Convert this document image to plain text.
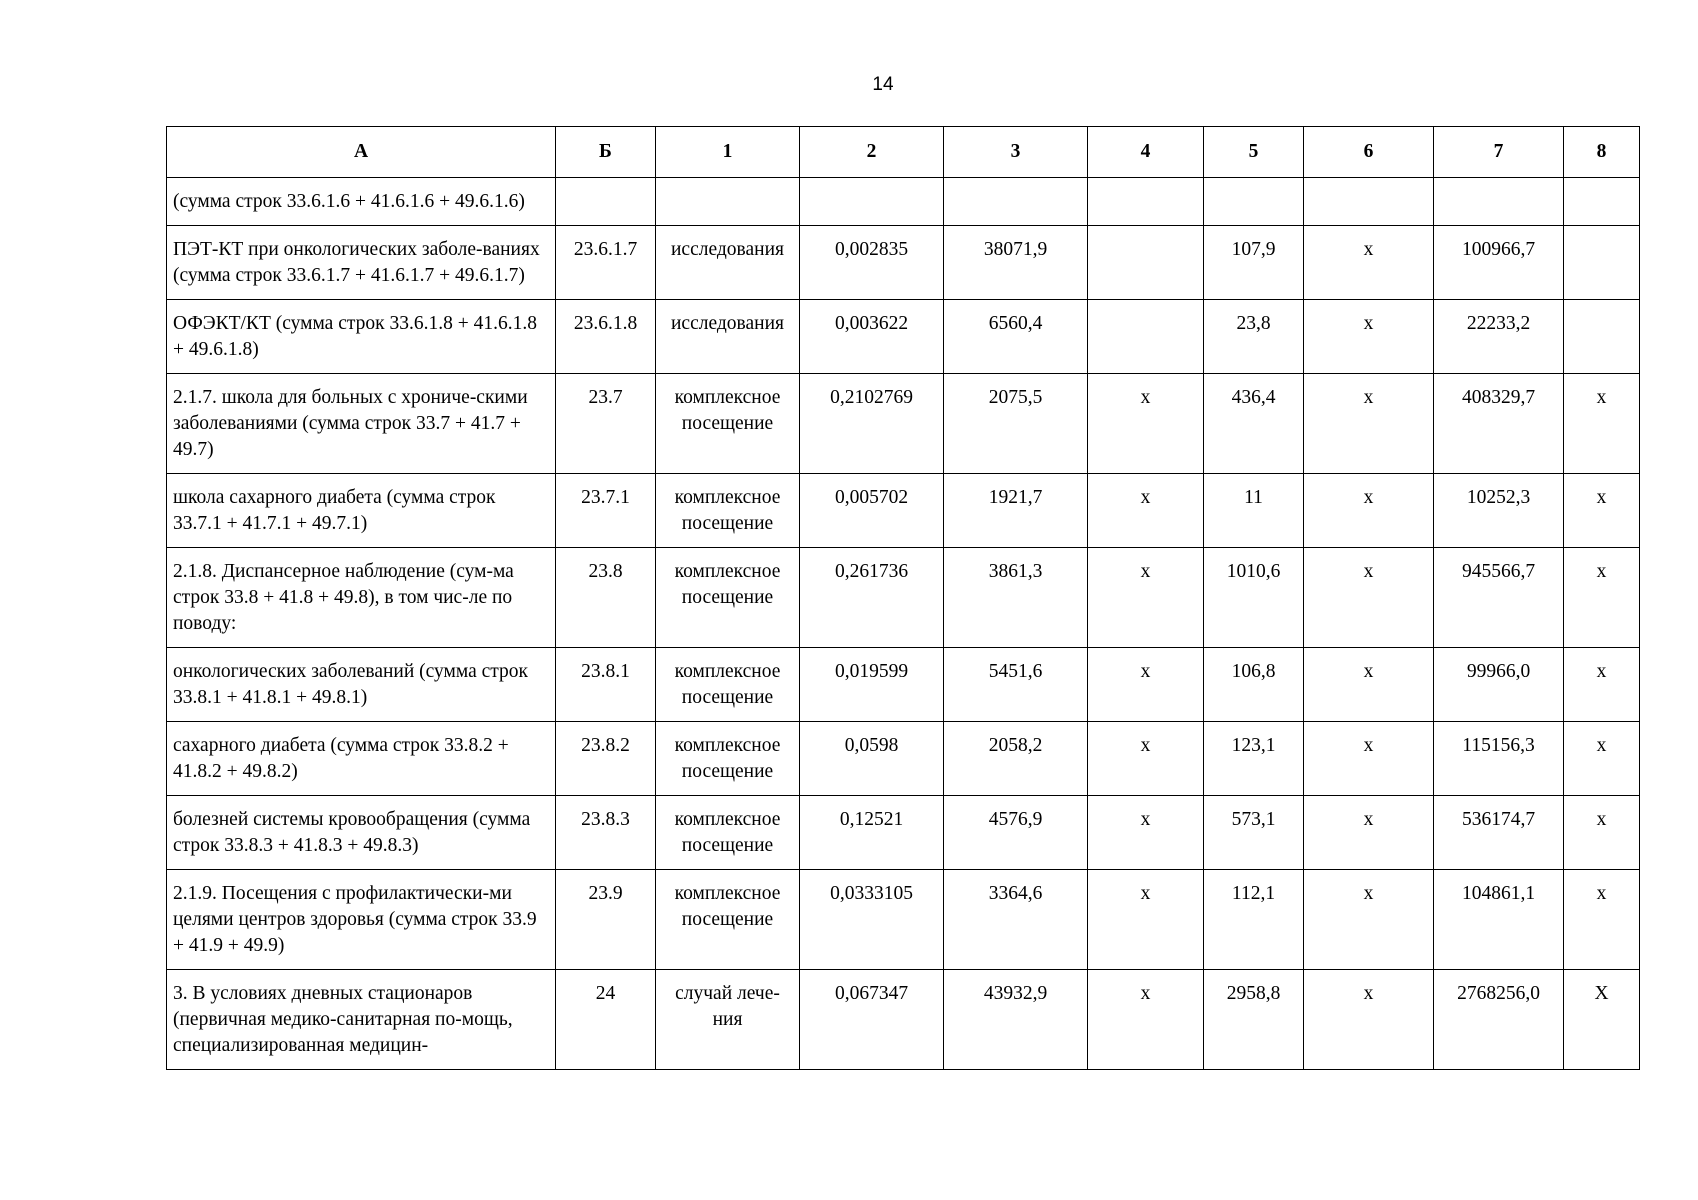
14
А	Б	1	2	3	4	5	6	7	8
(сумма строк 33.6.1.6 + 41.6.1.6 + 49.6.1.6)									
ПЭТ-КТ при онкологических заболе-ваниях (сумма строк 33.6.1.7 + 41.6.1.7 + 49.6.1.7)	23.6.1.7	исследования	0,002835	38071,9		107,9	х	100966,7	
ОФЭКТ/КТ (сумма строк 33.6.1.8 + 41.6.1.8 + 49.6.1.8)	23.6.1.8	исследования	0,003622	6560,4		23,8	х	22233,2	
2.1.7. школа для больных с хрониче-скими заболеваниями (сумма строк 33.7 + 41.7 + 49.7)	23.7	комплексное посещение	0,2102769	2075,5	х	436,4	х	408329,7	х
школа сахарного диабета (сумма строк 33.7.1 + 41.7.1 + 49.7.1)	23.7.1	комплексное посещение	0,005702	1921,7	х	11	х	10252,3	х
2.1.8. Диспансерное наблюдение (сум-ма строк 33.8 + 41.8 + 49.8), в том чис-ле по поводу:	23.8	комплексное посещение	0,261736	3861,3	х	1010,6	х	945566,7	х
онкологических заболеваний (сумма строк 33.8.1 + 41.8.1 + 49.8.1)	23.8.1	комплексное посещение	0,019599	5451,6	х	106,8	х	99966,0	х
сахарного диабета (сумма строк 33.8.2 + 41.8.2 + 49.8.2)	23.8.2	комплексное посещение	0,0598	2058,2	х	123,1	х	115156,3	х
болезней системы кровообращения (сумма строк 33.8.3 + 41.8.3 + 49.8.3)	23.8.3	комплексное посещение	0,12521	4576,9	х	573,1	х	536174,7	х
2.1.9. Посещения с профилактически-ми целями центров здоровья (сумма строк 33.9 + 41.9 + 49.9)	23.9	комплексное посещение	0,0333105	3364,6	х	112,1	х	104861,1	х
3. В условиях дневных стационаров (первичная медико-санитарная по-мощь, специализированная медицин-	24	случай лече-ния	0,067347	43932,9	х	2958,8	х	2768256,0	Х
